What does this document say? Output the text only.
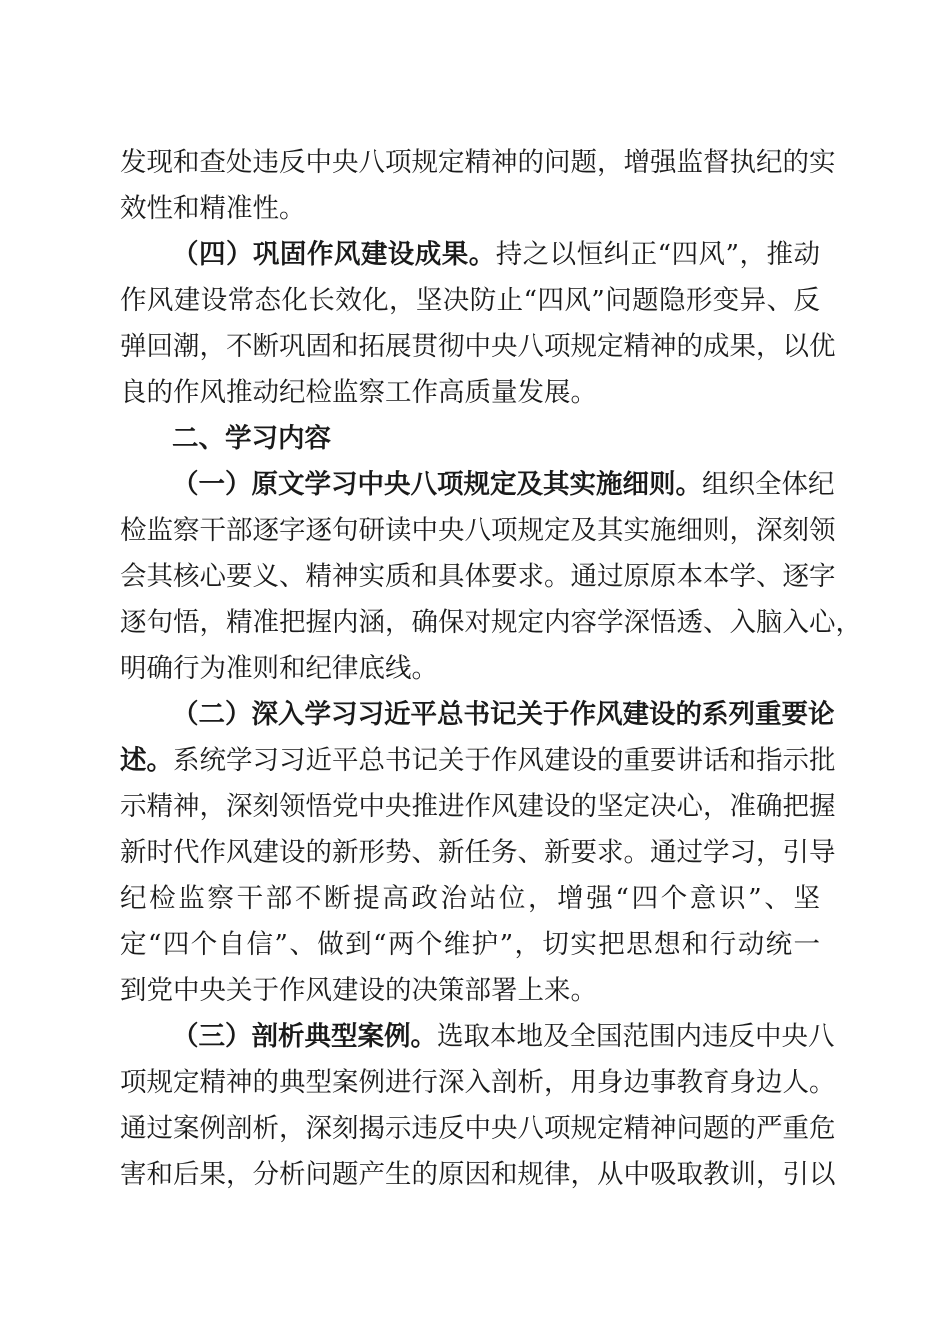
发现和查处违反中央八项规定精神的问题，增强监督执纪的实
效性和精准性。
（四）巩固作风建设成果。持之以恒纠正“四风”，推动
作风建设常态化长效化，坚决防止“四风”问题隐形变异、反
弹回潮，不断巩固和拓展贯彻中央八项规定精神的成果，以优
良的作风推动纪检监察工作高质量发展。
二、学习内容
（一）原文学习中央八项规定及其实施细则。组织全体纪
检监察干部逐字逐句研读中央八项规定及其实施细则，深刻领
会其核心要义、精神实质和具体要求。通过原原本本学、逐字
逐句悟，精准把握内涵，确保对规定内容学深悟透、入脑入心，
明确行为准则和纪律底线。
（二）深入学习习近平总书记关于作风建设的系列重要论
述。系统学习习近平总书记关于作风建设的重要讲话和指示批
示精神，深刻领悟党中央推进作风建设的坚定决心，准确把握
新时代作风建设的新形势、新任务、新要求。通过学习，引导
纪检监察干部不断提高政治站位，增强“四个意识”、坚
定“四个自信”、做到“两个维护”，切实把思想和行动统一
到党中央关于作风建设的决策部署上来。
（三）剖析典型案例。选取本地及全国范围内违反中央八
项规定精神的典型案例进行深入剖析，用身边事教育身边人。
通过案例剖析，深刻揭示违反中央八项规定精神问题的严重危
害和后果，分析问题产生的原因和规律，从中吸取教训，引以
